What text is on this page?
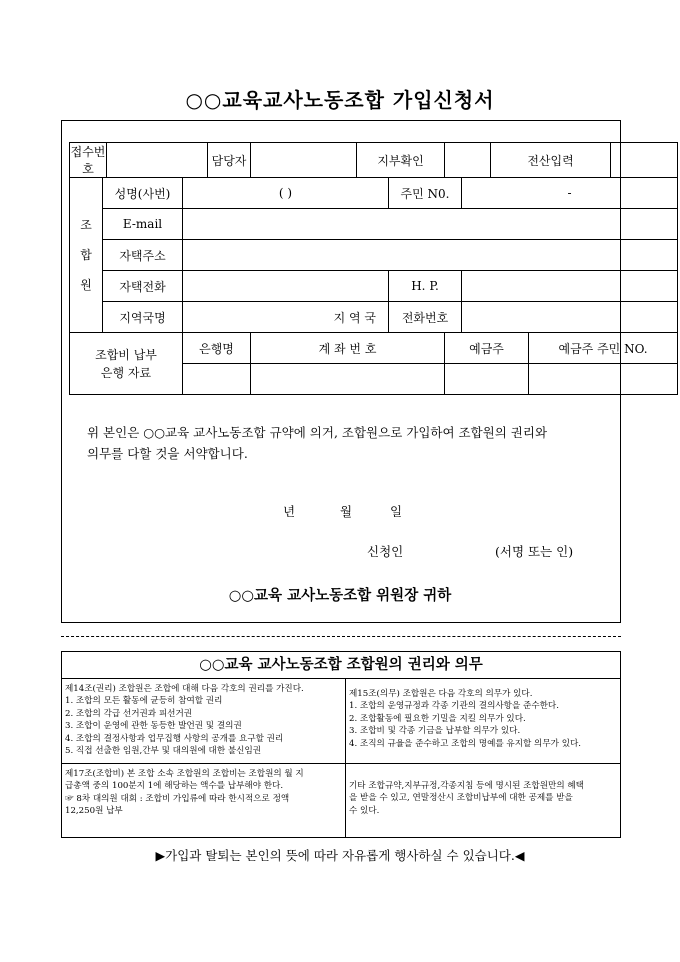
○○교육교사노동조합 가입신청서
접수번호				담당자		지부확인				전산입력			

조
합
원	성명(사번)		( )				주민 N0.		-				
	E-mail												
	자택주소												
	자택전화						H. P.						
	지역국명		지 역 국				전화번호						

조합비 납부
은행 자료			은행명		계 좌 번 호			예금주			예금주 주민 NO.		

위 본인은 ○○교육 교사노동조합 규약에 의거, 조합원으로 가입하여 조합원의 권리와
의무를 다할 것을 서약합니다.
년	월	일
신청인	(서명 또는 인)
○○교육 교사노동조합 위원장 귀하
○○교육 교사노동조합 조합원의 권리와 의무
제14조(권리) 조합원은 조합에 대해 다음 각호의 권리를 가진다.
1. 조합의 모든 활동에 균등히 참여할 권리
2. 조합의 각급 선거권과 피선거권
3. 조합이 운영에 관한 동등한 발언권 및 결의권
4. 조합의 결정사항과 업무집행 사항의 공개를 요구할 권리
5. 직접 선출한 임원,간부 및 대의원에 대한 불신임권
제15조(의무) 조합원은 다음 각호의 의무가 있다.
1. 조합의 운영규정과 각종 기관의 결의사항을 준수한다.
2. 조합활동에 필요한 기밀을 지킬 의무가 있다.
3. 조합비 및 각종 기금을 납부할 의무가 있다.
4. 조직의 규율을 준수하고 조합의 명예를 유지할 의무가 있다.
제17조(조합비) 본 조합 소속 조합원의 조합비는 조합원의 월 지
급총액 중의 100분지 1에 해당하는 액수를 납부해야 한다.
☞ 8차 대의원 대회 : 조합비 가입류에 따라 한시적으로 정액
12,250원 납부
기타 조합규약,지부규정,각종지침 등에 명시된 조합원만의 혜택
을 받을 수 있고, 연말정산시 조합비납부에 대한 공제를 받을
수 있다.
▶가입과 탈퇴는 본인의 뜻에 따라 자유롭게 행사하실 수 있습니다.◀
